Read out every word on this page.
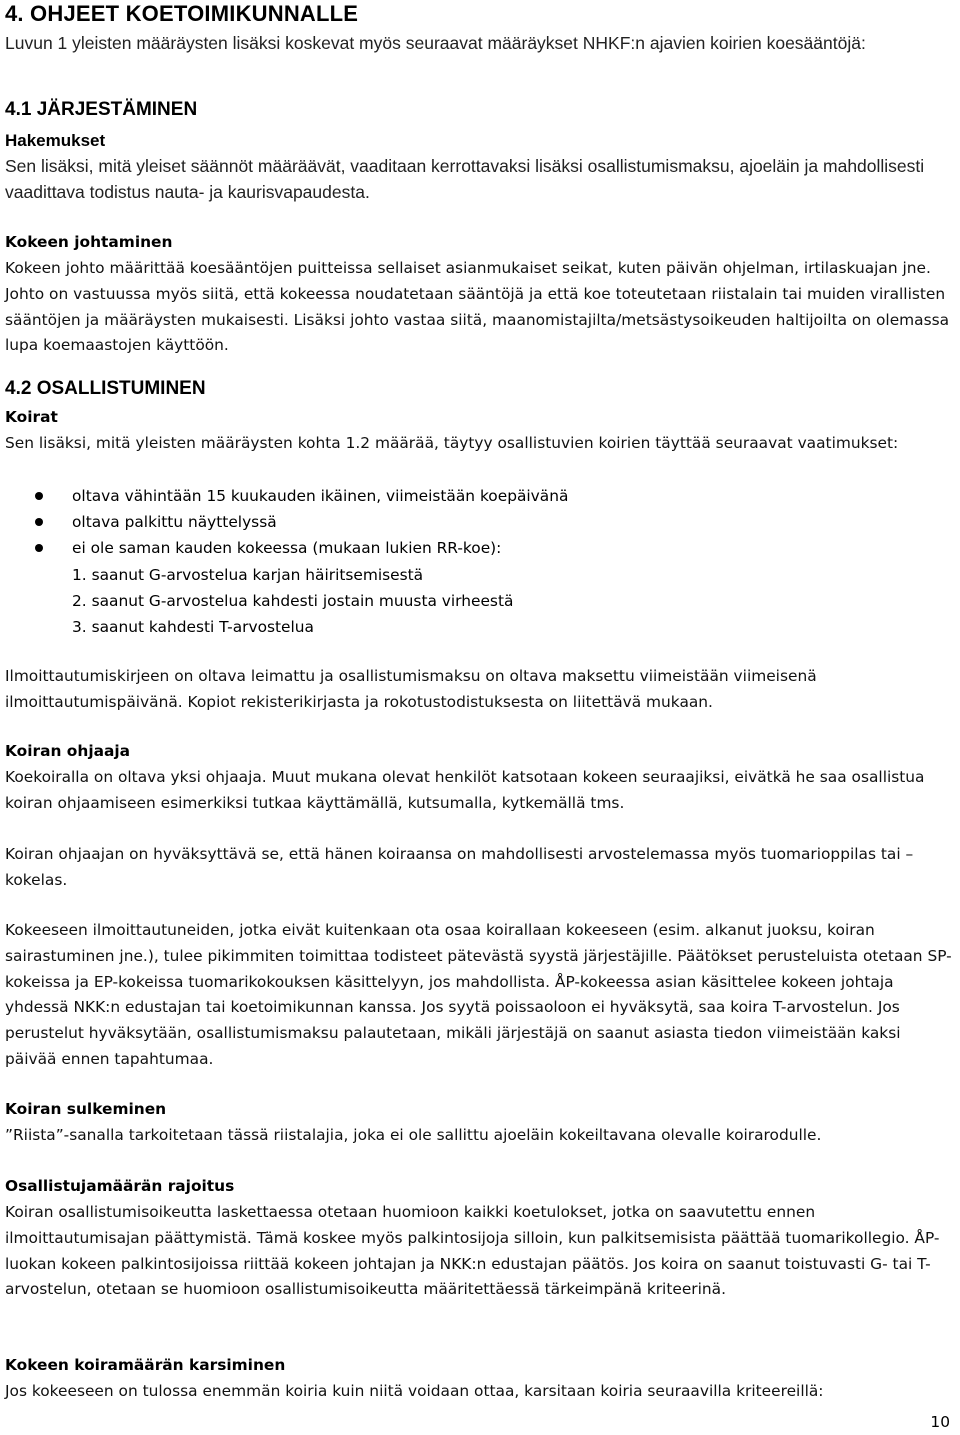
4. OHJEET KOETOIMIKUNNALLE
Luvun 1 yleisten määräysten lisäksi koskevat myös seuraavat määräykset NHKF:n ajavien koirien koesääntöjä:
4.1 JÄRJESTÄMINEN
Hakemukset
Sen lisäksi, mitä yleiset säännöt määräävät, vaaditaan kerrottavaksi lisäksi osallistumismaksu, ajoeläin ja mahdollisesti vaadittava todistus nauta- ja kaurisvapaudesta.
Kokeen johtaminen
Kokeen johto määrittää koesääntöjen puitteissa sellaiset asianmukaiset seikat, kuten päivän ohjelman, irtilaskuajan jne. Johto on vastuussa myös siitä, että kokeessa noudatetaan sääntöjä ja että koe toteutetaan riistalain tai muiden virallisten sääntöjen ja määräysten mukaisesti. Lisäksi johto vastaa siitä, maanomistajilta/metsästysoikeuden haltijoilta on olemassa lupa koemaastojen käyttöön.
4.2 OSALLISTUMINEN
Koirat
Sen lisäksi, mitä yleisten määräysten kohta 1.2 määrää, täytyy osallistuvien koirien täyttää seuraavat vaatimukset:
oltava vähintään 15 kuukauden ikäinen, viimeistään koepäivänä
oltava palkittu näyttelyssä
ei ole saman kauden kokeessa (mukaan lukien RR-koe):
1. saanut G-arvostelua karjan häiritsemisestä
2. saanut G-arvostelua kahdesti jostain muusta virheestä
3. saanut kahdesti T-arvostelua
Ilmoittautumiskirjeen on oltava leimattu ja osallistumismaksu on oltava maksettu viimeistään viimeisenä ilmoittautumispäivänä. Kopiot rekisterikirjasta ja rokotustodistuksesta on liitettävä mukaan.
Koiran ohjaaja
Koekoiralla on oltava yksi ohjaaja. Muut mukana olevat henkilöt katsotaan kokeen seuraajiksi, eivätkä he saa osallistua koiran ohjaamiseen esimerkiksi tutkaa käyttämällä, kutsumalla, kytkemällä tms.
Koiran ohjaajan on hyväksyttävä se, että hänen koiraansa on mahdollisesti arvostelemassa myös tuomarioppilas tai –kokelas.
Kokeeseen ilmoittautuneiden, jotka eivät kuitenkaan ota osaa koirallaan kokeeseen (esim. alkanut juoksu, koiran sairastuminen jne.), tulee pikimmiten toimittaa todisteet pätevästä syystä järjestäjille. Päätökset perusteluista otetaan SP-kokeissa ja EP-kokeissa tuomarikokouksen käsittelyyn, jos mahdollista. ÅP-kokeessa asian käsittelee kokeen johtaja yhdessä NKK:n edustajan tai koetoimikunnan kanssa. Jos syytä poissaoloon ei hyväksytä, saa koira T-arvostelun. Jos perustelut hyväksytään, osallistumismaksu palautetaan, mikäli järjestäjä on saanut asiasta tiedon viimeistään kaksi päivää ennen tapahtumaa.
Koiran sulkeminen
”Riista”-sanalla tarkoitetaan tässä riistalajia, joka ei ole sallittu ajoeläin kokeiltavana olevalle koirarodulle.
Osallistujamäärän rajoitus
Koiran osallistumisoikeutta laskettaessa otetaan huomioon kaikki koetulokset, jotka on saavutettu ennen ilmoittautumisajan päättymistä. Tämä koskee myös palkintosijoja silloin, kun palkitsemisista päättää tuomarikollegio. ÅP-luokan kokeen palkintosijoissa riittää kokeen johtajan ja NKK:n edustajan päätös. Jos koira on saanut toistuvasti G- tai T-arvostelun, otetaan se huomioon osallistumisoikeutta määritettäessä tärkeimpänä kriteerinä.
Kokeen koiramäärän karsiminen
Jos kokeeseen on tulossa enemmän koiria kuin niitä voidaan ottaa, karsitaan koiria seuraavilla kriteereillä:
10
